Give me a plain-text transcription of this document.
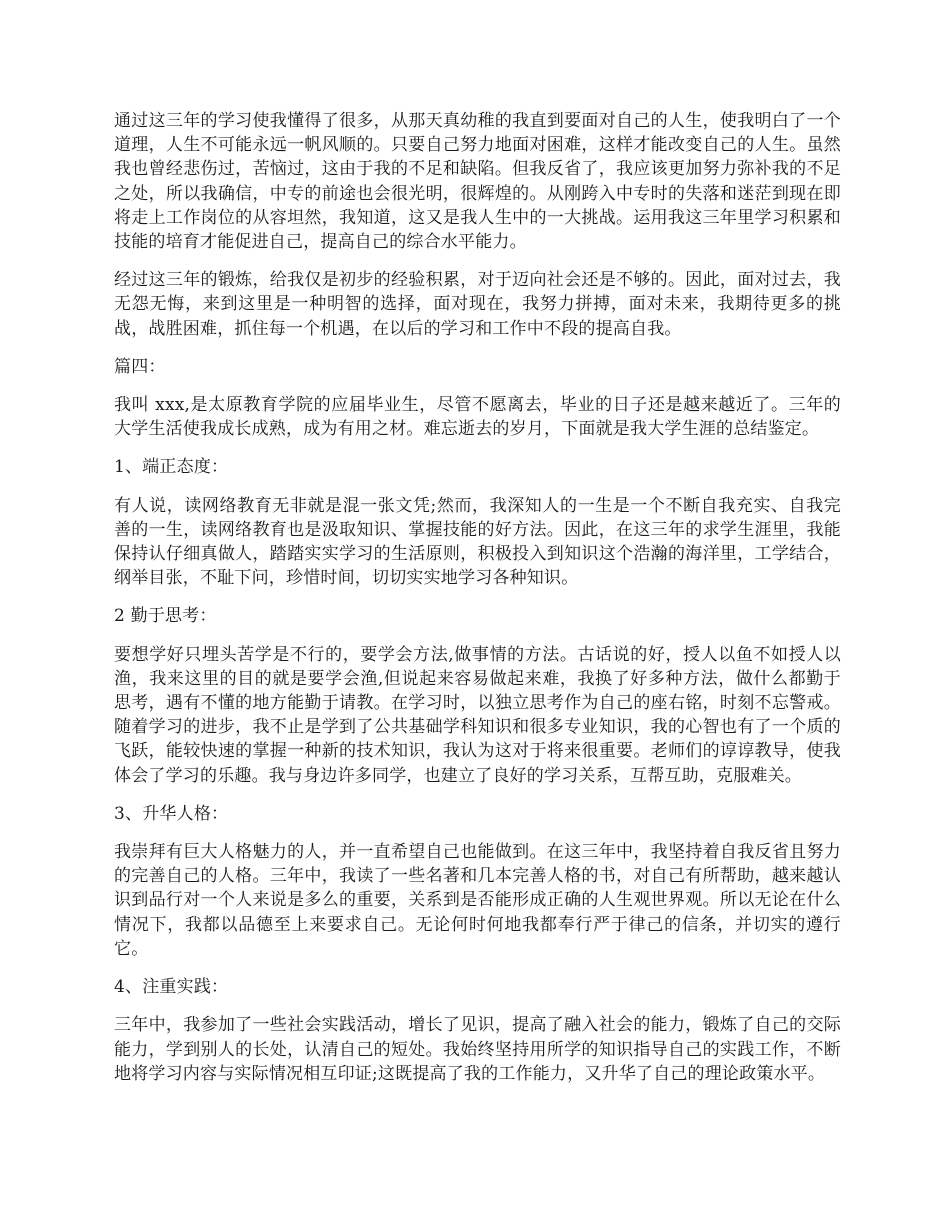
通过这三年的学习使我懂得了很多，从那天真幼稚的我直到要面对自己的人生，使我明白了一个道理，人生不可能永远一帆风顺的。只要自己努力地面对困难，这样才能改变自己的人生。虽然我也曾经悲伤过，苦恼过，这由于我的不足和缺陷。但我反省了，我应该更加努力弥补我的不足之处，所以我确信，中专的前途也会很光明，很辉煌的。从刚跨入中专时的失落和迷茫到现在即将走上工作岗位的从容坦然，我知道，这又是我人生中的一大挑战。运用我这三年里学习积累和技能的培育才能促进自己，提高自己的综合水平能力。

经过这三年的锻炼，给我仅是初步的经验积累，对于迈向社会还是不够的。因此，面对过去，我无怨无悔，来到这里是一种明智的选择，面对现在，我努力拼搏，面对未来，我期待更多的挑战，战胜困难，抓住每一个机遇，在以后的学习和工作中不段的提高自我。

篇四：

我叫 xxx,是太原教育学院的应届毕业生，尽管不愿离去，毕业的日子还是越来越近了。三年的大学生活使我成长成熟，成为有用之材。难忘逝去的岁月，下面就是我大学生涯的总结鉴定。

1、端正态度：

有人说，读网络教育无非就是混一张文凭;然而，我深知人的一生是一个不断自我充实、自我完善的一生，读网络教育也是汲取知识、掌握技能的好方法。因此，在这三年的求学生涯里，我能保持认仔细真做人，踏踏实实学习的生活原则，积极投入到知识这个浩瀚的海洋里，工学结合，纲举目张，不耻下问，珍惜时间，切切实实地学习各种知识。

2 勤于思考：

要想学好只埋头苦学是不行的，要学会方法,做事情的方法。古话说的好，授人以鱼不如授人以渔，我来这里的目的就是要学会渔,但说起来容易做起来难，我换了好多种方法，做什么都勤于思考，遇有不懂的地方能勤于请教。在学习时，以独立思考作为自己的座右铭，时刻不忘警戒。随着学习的进步，我不止是学到了公共基础学科知识和很多专业知识，我的心智也有了一个质的飞跃，能较快速的掌握一种新的技术知识，我认为这对于将来很重要。老师们的谆谆教导，使我体会了学习的乐趣。我与身边许多同学，也建立了良好的学习关系，互帮互助，克服难关。

3、升华人格：

我崇拜有巨大人格魅力的人，并一直希望自己也能做到。在这三年中，我坚持着自我反省且努力的完善自己的人格。三年中，我读了一些名著和几本完善人格的书，对自己有所帮助，越来越认识到品行对一个人来说是多么的重要，关系到是否能形成正确的人生观世界观。所以无论在什么情况下，我都以品德至上来要求自己。无论何时何地我都奉行严于律己的信条，并切实的遵行它。

4、注重实践：

三年中，我参加了一些社会实践活动，增长了见识，提高了融入社会的能力，锻炼了自己的交际能力，学到别人的长处，认清自己的短处。我始终坚持用所学的知识指导自己的实践工作，不断地将学习内容与实际情况相互印证;这既提高了我的工作能力，又升华了自己的理论政策水平。
